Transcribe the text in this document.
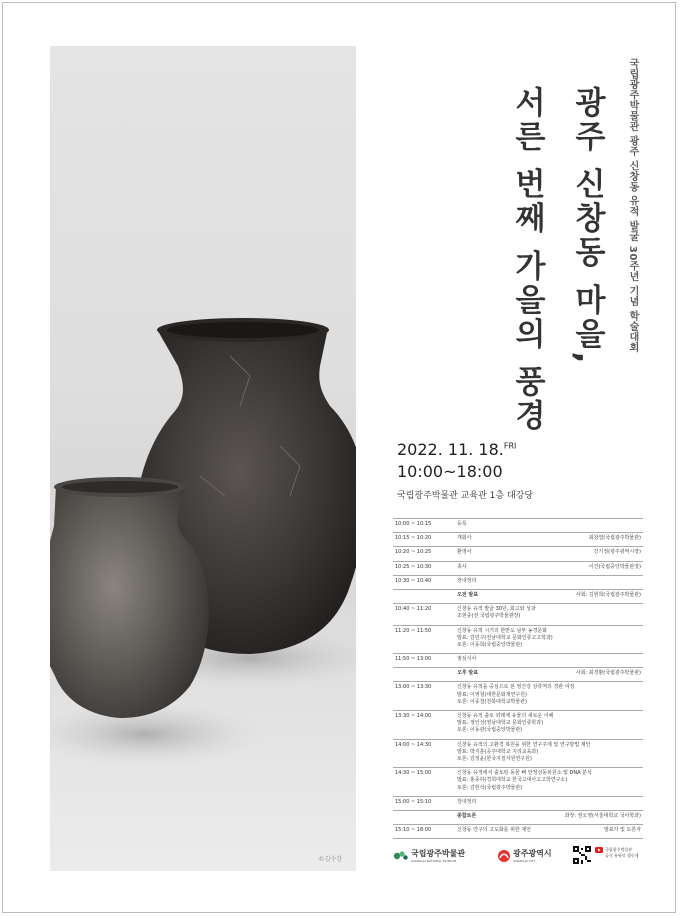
©김수강
국립광주박물관 광주 신창동 유적 발굴 30주년 기념 학술대회
광주 신창동 마을,
서른 번째 가을의 풍경
2022. 11. 18.$^{FRI}$
10:00~18:00
국립광주박물관 교육관 1층 대강당
10:00 ~ 10:15	등록
10:15 ~ 10:20	개회사	최창열(국립광주박물관)
10:20 ~ 10:25	환영사	강기정(광주광역시장)
10:25 ~ 10:30	축사	이건(국립중앙박물관장)
10:30 ~ 10:40	장내정리
오전 발표	사회: 김현희(국립광주박물관)
10:40 ~ 11:20	신창동 유적 발굴 30년, 회고와 성과
조현종(전 국립광주박물관장)
11:20 ~ 11:50	신창동 유적 시기의 한반도 남부 농경문화
발표: 김민구(전남대학교 문화인류고고학과)
토론: 이동희(국립중앙박물관)
11:50 ~ 13:00	점심식사
오후 발표	사회: 최경환(국립광주박물관)
13:00 ~ 13:30	신창동 유적을 중심으로 본 영산강 상류역의 경관 여정
발표: 이영철(대한문화재연구원)
토론: 이종철(전북대학교박물관)
13:30 ~ 14:00	신창동 유적 출토 외래계 유물의 새로운 이해
발표: 정인성(영남대학교 문화인류학과)
토론: 이동관(국립중앙박물관)
14:00 ~ 14:30	신창동 유적의 고환경 복원을 위한 연구주제 및 연구방법 제안
발표: 박지훈(공주대학교 지리교육과)
토론: 김정윤(한국지질자원연구원)
14:30 ~ 15:00	신창동 유적에서 출토된 동물 뼈 안정성동위원소 및 DNA 분석
발표: 홍종하(경희대학교 한국고대사고고학연구소)
토론: 김헌석(국립광주박물관)
15:00 ~ 15:10	장내정리
종합토론	좌장: 권오영(서울대학교 국사학과)
15:10 ~ 18:00	신창동 연구의 고도화를 위한 제언	발표자 및 토론자
국립광주박물관
GWANGJU NATIONAL MUSEUM
광주광역시
GWANGJU CITY
국립광주박물관
공식 유튜브 생중계
